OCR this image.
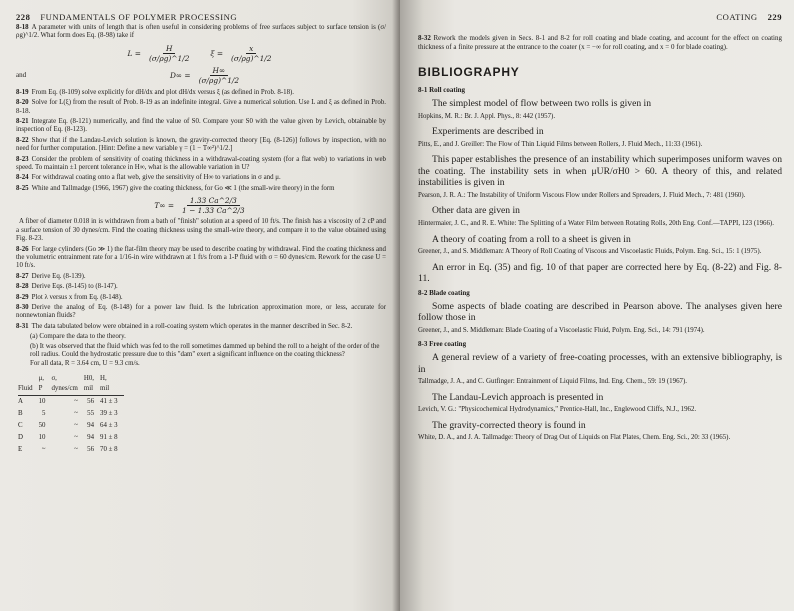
228 FUNDAMENTALS OF POLYMER PROCESSING
8-18 A parameter with units of length that is often useful in considering problems of free surfaces subject to surface tension is (σ/ρg)^1/2. What form does Eq. (8-98) take if
$L = \frac{H}{(\sigma/\rho g)\^{}1/2}$ $\xi = \frac{x}{(\sigma/\rho g)\^{}1/2}$
and	$D\infty = \frac{H\infty}{(\sigma/\rho g)\^{}1/2}$
8-19 From Eq. (8-109) solve explicitly for dH/dx and plot dH/dx versus ξ (as defined in Prob. 8-18).
8-20 Solve for L(ξ) from the result of Prob. 8-19 as an indefinite integral. Give a numerical solution. Use L and ξ as defined in Prob. 8-18.
8-21 Integrate Eq. (8-121) numerically, and find the value of S0. Compare your S0 with the value given by Levich, obtainable by inspection of Eq. (8-123).
8-22 Show that if the Landau-Levich solution is known, the gravity-corrected theory [Eq. (8-126)] follows by inspection, with no need for further computation. [Hint: Define a new variable γ = (1 − T∞²)^1/2.]
8-23 Consider the problem of sensitivity of coating thickness in a withdrawal-coating system (for a flat web) to variations in web speed. To maintain ±1 percent tolerance in H∞, what is the allowable variation in U?
8-24 For withdrawal coating onto a flat web, give the sensitivity of H∞ to variations in σ and μ.
8-25 White and Tallmadge (1966, 1967) give the coating thickness, for Go ≪ 1 (the small-wire theory) in the form
$T\infty = \frac{1.33 Ca\^{}2/3}{1 - 1.33 Ca\^{}2/3}$
A fiber of diameter 0.018 in is withdrawn from a bath of "finish" solution at a speed of 10 ft/s. The finish has a viscosity of 2 cP and a surface tension of 30 dynes/cm. Find the coating thickness using the small-wire theory, and compare it to the value obtained using Fig. 8-23.
8-26 For large cylinders (Go ≫ 1) the flat-film theory may be used to describe coating by withdrawal. Find the coating thickness and the volumetric entrainment rate for a 1/16-in wire withdrawn at 1 ft/s from a 1-P fluid with σ = 60 dynes/cm. Rework for the case U = 10 ft/s.
8-27 Derive Eq. (8-139).
8-28 Derive Eqs. (8-145) to (8-147).
8-29 Plot λ versus x from Eq. (8-148).
8-30 Derive the analog of Eq. (8-148) for a power law fluid. Is the lubrication approximation more, or less, accurate for nonnewtonian fluids?
8-31 The data tabulated below were obtained in a roll-coating system which operates in the manner described in Sec. 8-2.
(a) Compare the data to the theory.
(b) It was observed that the fluid which was fed to the roll sometimes dammed up behind the roll to a height of the order of the roll radius. Could the hydrostatic pressure due to this "dam" exert a significant influence on the coating thickness?
For all data, R = 3.64 cm, U = 9.3 cm/s.
	μ,	σ,	H0,	H,
Fluid	P	dynes/cm	mil	mil
A	10	~	56	41 ± 3
B	5	~	55	39 ± 3
C	50	~	94	64 ± 3
D	10	~	94	91 ± 8
E	~	~	56	70 ± 8
COATING 229
8-32 Rework the models given in Secs. 8-1 and 8-2 for roll coating and blade coating, and account for the effect on coating thickness of a finite pressure at the entrance to the coater (x = −∞ for roll coating, and x = 0 for blade coating).
BIBLIOGRAPHY
8-1 Roll coating
The simplest model of flow between two rolls is given in
Hopkins, M. R.: Br. J. Appl. Phys., 8: 442 (1957).
Experiments are described in
Pitts, E., and J. Greiller: The Flow of Thin Liquid Films between Rollers, J. Fluid Mech., 11:33 (1961).
This paper establishes the presence of an instability which superimposes uniform waves on the coating. The instability sets in when μUR/σH0 > 60. A theory of this, and related instabilities is given in
Pearson, J. R. A.: The Instability of Uniform Viscous Flow under Rollers and Spreaders, J. Fluid Mech., 7: 481 (1960).
Other data are given in
Hintermaier, J. C., and R. E. White: The Splitting of a Water Film between Rotating Rolls, 20th Eng. Conf.—TAPPI, 123 (1966).
A theory of coating from a roll to a sheet is given in
Greener, J., and S. Middleman: A Theory of Roll Coating of Viscous and Viscoelastic Fluids, Polym. Eng. Sci., 15: 1 (1975).
An error in Eq. (35) and fig. 10 of that paper are corrected here by Eq. (8-22) and Fig. 8-11.
8-2 Blade coating
Some aspects of blade coating are described in Pearson above. The analyses given here follow those in
Greener, J., and S. Middleman: Blade Coating of a Viscoelastic Fluid, Polym. Eng. Sci., 14: 791 (1974).
8-3 Free coating
A general review of a variety of free-coating processes, with an extensive bibliography, is in
Tallmadge, J. A., and C. Gutfinger: Entrainment of Liquid Films, Ind. Eng. Chem., 59: 19 (1967).
The Landau-Levich approach is presented in
Levich, V. G.: "Physicochemical Hydrodynamics," Prentice-Hall, Inc., Englewood Cliffs, N.J., 1962.
The gravity-corrected theory is found in
White, D. A., and J. A. Tallmadge: Theory of Drag Out of Liquids on Flat Plates, Chem. Eng. Sci., 20: 33 (1965).
